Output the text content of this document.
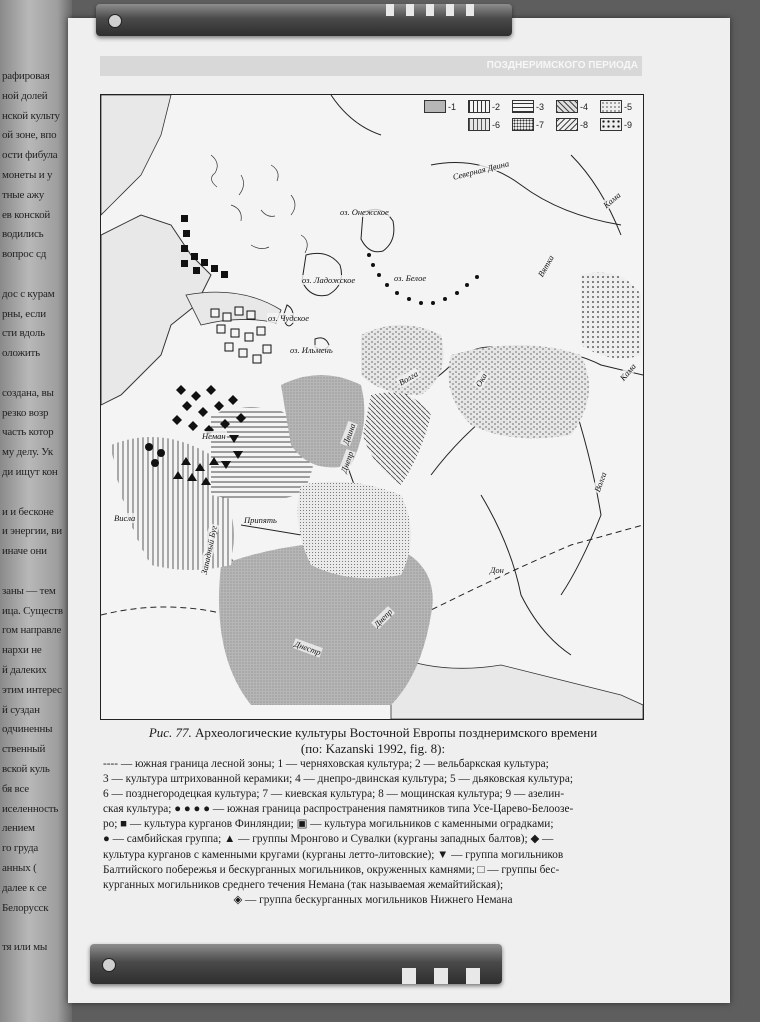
рафировая
ной долей
нской культу
ой зоне, впо
ости фибула
монеты и у
тные ажу
ев конской
водились
вопрос сд
дос с курам
рны, если
сти вдоль
оложить
создана, вы
резко возр
часть котор
му делу. Ук
ди ищут кон
и и бесконе
и энергии, ви
иначе они
заны — тем
ица. Существ
гом направле
нархи не
й далеких
этим интерес
й суздан
одчиненны
ственный
вской куль
бя все
иселенность
лением
го груда
анных (
далее к се
Белорусск
тя или мы
ПОЗДНЕРИМСКОГО ПЕРИОДА
оз. Онежское
оз. Ладожское	оз. Белое
оз. Чудское
оз. Ильмень
Северная Двина
Кама
Вятка
Кама
Волга	Ока
Волга
Двина
Днепр
Неман
Висла
Западный Буг
Припять
Дон
Днепр
Днестр
-1	-2	-3	-4	-5
-6	-7	-8	-9
Рис. 77. Археологические культуры Восточной Европы позднеримского времени
(по: Kazanski 1992, fig. 8):
---- — южная граница лесной зоны; 1 — черняховская культура; 2 — вельбаркская культура;
3 — культура штрихованной керамики; 4 — днепро-двинская культура; 5 — дьяковская культура;
6 — позднегородецкая культура; 7 — киевская культура; 8 — мощинская культура; 9 — азелин-
ская культура; ● ● ● ● — южная граница распространения памятников типа Усе-Царево-Белоозе-
ро; ■ — культура курганов Финляндии; ▣ — культура могильников с каменными оградками;
● — самбийская группа; ▲ — группы Мронгово и Сувалки (курганы западных балтов); ◆ —
культура курганов с каменными кругами (курганы летто-литовские); ▼ — группа могильников
Балтийского побережья и бескурганных могильников, окруженных камнями; □ — группы бес-
курганных могильников среднего течения Немана (так называемая жемайтийская);
◈ — группа бескурганных могильников Нижнего Немана
